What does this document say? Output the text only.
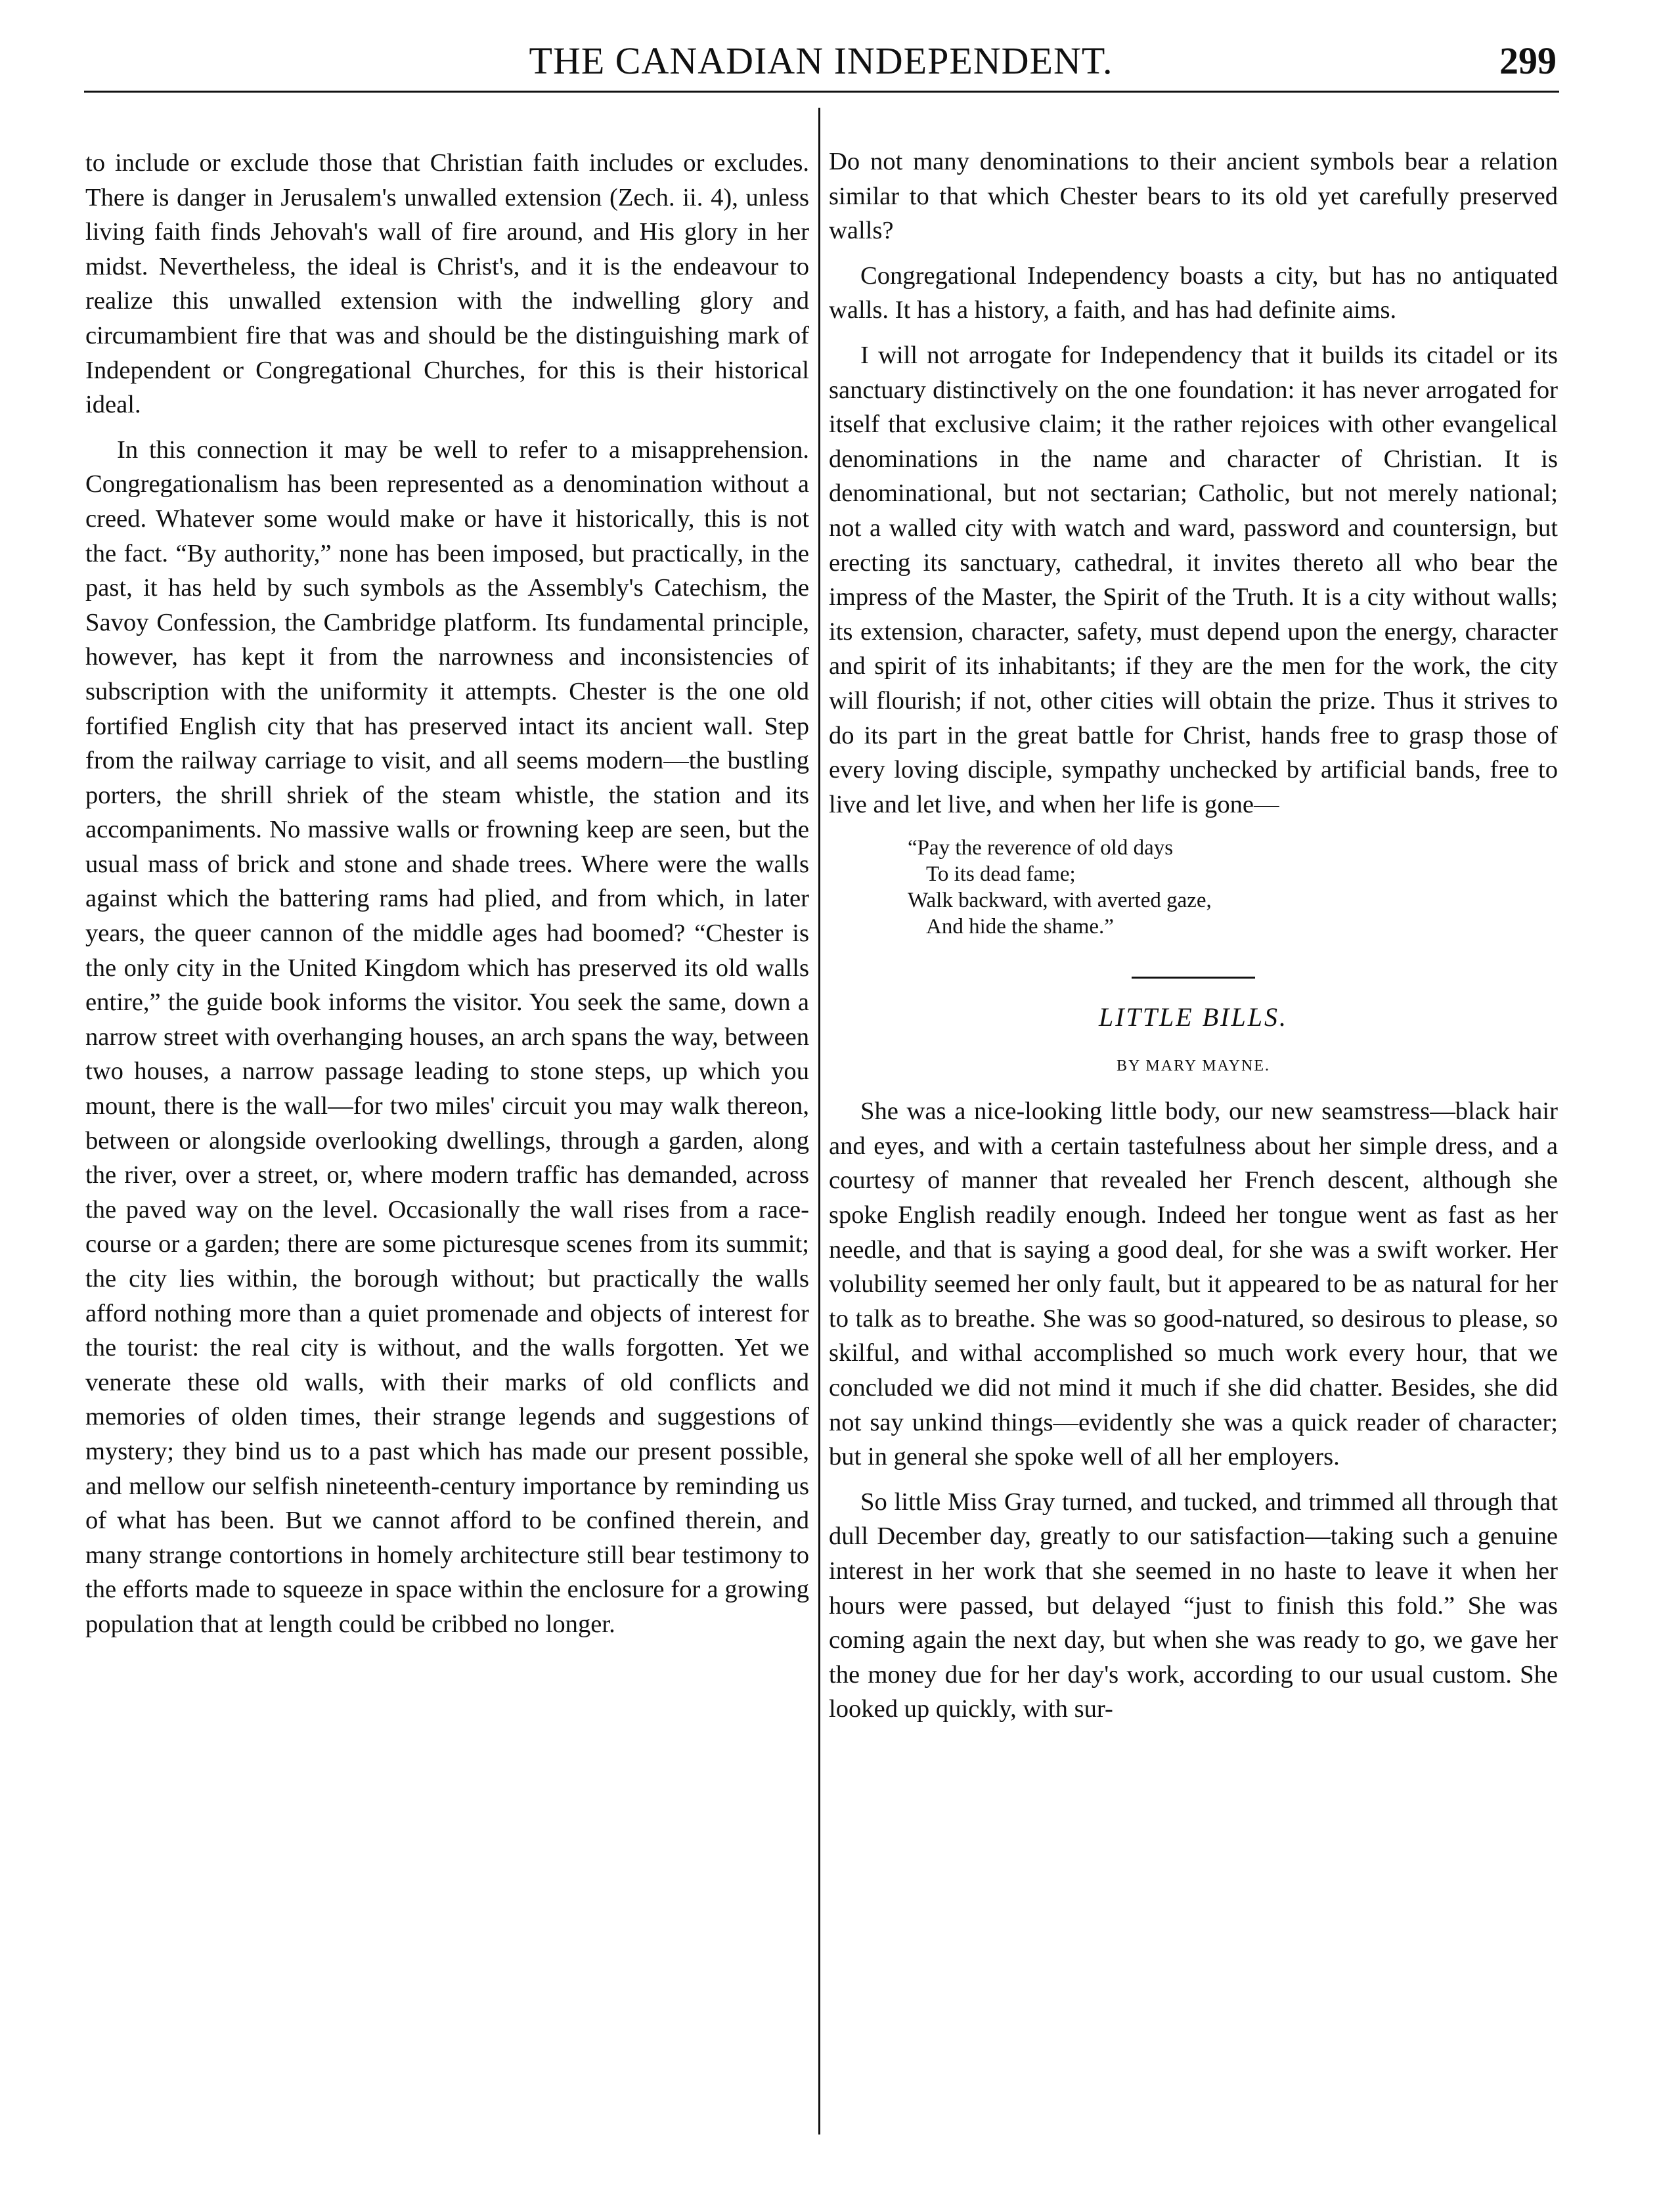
THE CANADIAN INDEPENDENT.	299

to include or exclude those that Christian faith includes or excludes. There is danger in Jerusalem's unwalled extension (Zech. ii. 4), unless living faith finds Jehovah's wall of fire around, and His glory in her midst. Nevertheless, the ideal is Christ's, and it is the endeavour to realize this unwalled extension with the indwelling glory and circumambient fire that was and should be the distinguishing mark of Independent or Congregational Churches, for this is their historical ideal.

In this connection it may be well to refer to a misapprehension. Congregationalism has been represented as a denomination without a creed. Whatever some would make or have it historically, this is not the fact. “By authority,” none has been imposed, but practically, in the past, it has held by such symbols as the Assembly's Catechism, the Savoy Confession, the Cambridge platform. Its fundamental principle, however, has kept it from the narrowness and inconsistencies of subscription with the uniformity it attempts. Chester is the one old fortified English city that has preserved intact its ancient wall. Step from the railway carriage to visit, and all seems modern—the bustling porters, the shrill shriek of the steam whistle, the station and its accompaniments. No massive walls or frowning keep are seen, but the usual mass of brick and stone and shade trees. Where were the walls against which the battering rams had plied, and from which, in later years, the queer cannon of the middle ages had boomed? “Chester is the only city in the United Kingdom which has preserved its old walls entire,” the guide book informs the visitor. You seek the same, down a narrow street with overhanging houses, an arch spans the way, between two houses, a narrow passage leading to stone steps, up which you mount, there is the wall—for two miles' circuit you may walk thereon, between or alongside overlooking dwellings, through a garden, along the river, over a street, or, where modern traffic has demanded, across the paved way on the level. Occasionally the wall rises from a race-course or a garden; there are some picturesque scenes from its summit; the city lies within, the borough without; but practically the walls afford nothing more than a quiet promenade and objects of interest for the tourist: the real city is without, and the walls forgotten. Yet we venerate these old walls, with their marks of old conflicts and memories of olden times, their strange legends and suggestions of mystery; they bind us to a past which has made our present possible, and mellow our selfish nineteenth-century importance by reminding us of what has been. But we cannot afford to be confined therein, and many strange contortions in homely architecture still bear testimony to the efforts made to squeeze in space within the enclosure for a growing population that at length could be cribbed no longer.

Do not many denominations to their ancient symbols bear a relation similar to that which Chester bears to its old yet carefully preserved walls?

Congregational Independency boasts a city, but has no antiquated walls. It has a history, a faith, and has had definite aims.

I will not arrogate for Independency that it builds its citadel or its sanctuary distinctively on the one foundation: it has never arrogated for itself that exclusive claim; it the rather rejoices with other evangelical denominations in the name and character of Christian. It is denominational, but not sectarian; Catholic, but not merely national; not a walled city with watch and ward, password and countersign, but erecting its sanctuary, cathedral, it invites thereto all who bear the impress of the Master, the Spirit of the Truth. It is a city without walls; its extension, character, safety, must depend upon the energy, character and spirit of its inhabitants; if they are the men for the work, the city will flourish; if not, other cities will obtain the prize. Thus it strives to do its part in the great battle for Christ, hands free to grasp those of every loving disciple, sympathy unchecked by artificial bands, free to live and let live, and when her life is gone—

“Pay the reverence of old days
To its dead fame;
Walk backward, with averted gaze,
And hide the shame.”
LITTLE BILLS.
BY MARY MAYNE.

She was a nice-looking little body, our new seamstress—black hair and eyes, and with a certain tastefulness about her simple dress, and a courtesy of manner that revealed her French descent, although she spoke English readily enough. Indeed her tongue went as fast as her needle, and that is saying a good deal, for she was a swift worker. Her volubility seemed her only fault, but it appeared to be as natural for her to talk as to breathe. She was so good-natured, so desirous to please, so skilful, and withal accomplished so much work every hour, that we concluded we did not mind it much if she did chatter. Besides, she did not say unkind things—evidently she was a quick reader of character; but in general she spoke well of all her employers.

So little Miss Gray turned, and tucked, and trimmed all through that dull December day, greatly to our satisfaction—taking such a genuine interest in her work that she seemed in no haste to leave it when her hours were passed, but delayed “just to finish this fold.” She was coming again the next day, but when she was ready to go, we gave her the money due for her day's work, according to our usual custom. She looked up quickly, with sur-
